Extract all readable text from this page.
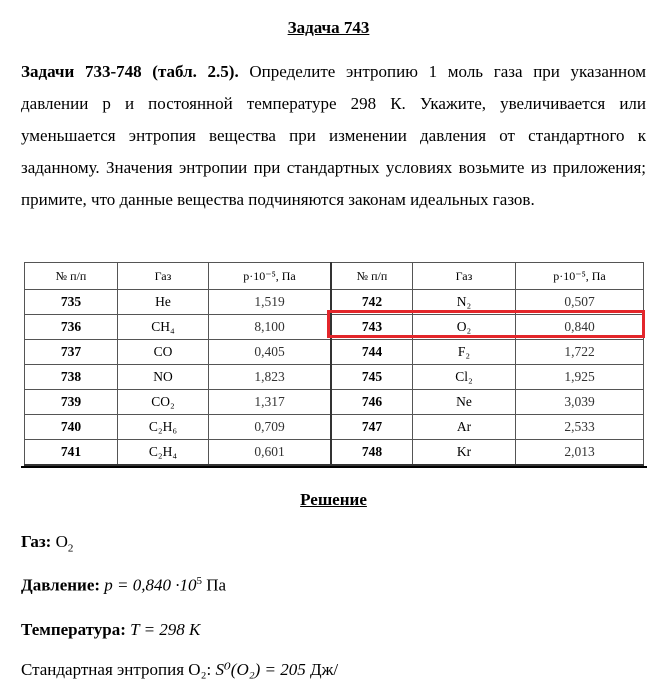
Задача 743
Задачи 733-748 (табл. 2.5). Определите энтропию 1 моль газа при указанном давлении p и постоянной температуре 298 К. Укажите, увеличивается или уменьшается энтропия вещества при изменении давления от стандартного к заданному. Значения энтропии при стандартных условиях возьмите из приложения; примите, что данные вещества подчиняются законам идеальных газов.
№ п/п	Газ	p·10⁻⁵, Па	№ п/п	Газ	p·10⁻⁵, Па
735	He	1,519	742	N₂	0,507
736	CH₄	8,100	743	O₂	0,840
737	CO	0,405	744	F₂	1,722
738	NO	1,823	745	Cl₂	1,925
739	CO₂	1,317	746	Ne	3,039
740	C₂H₆	0,709	747	Ar	2,533
741	C₂H₄	0,601	748	Kr	2,013
Решение
Газ: $O_2$
Давление: $p = 0,840 \cdot 10^5$ Па
Температура: T = 298 К
Стандартная энтропия O₂: S⁰(O₂) = 205 Дж/
